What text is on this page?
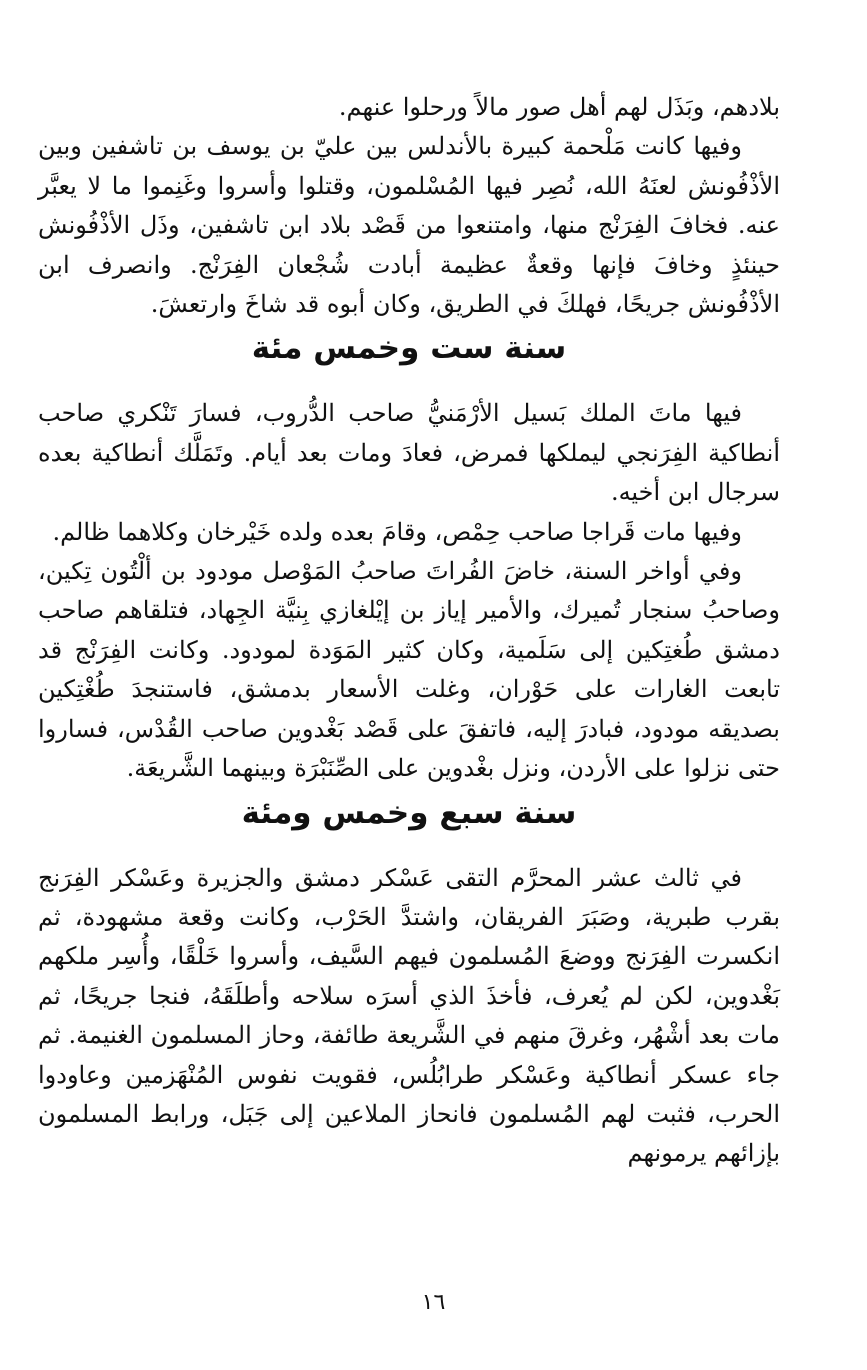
بلادهم، وبَذَل لهم أهل صور مالاً ورحلوا عنهم.

وفيها كانت مَلْحمة كبيرة بالأندلس بين عليّ بن يوسف بن تاشفين وبين الأذْفُونش لعنَهُ الله، نُصِر فيها المُسْلمون، وقتلوا وأسروا وغَنِموا ما لا يعبَّر عنه. فخافَ الفِرَنْج منها، وامتنعوا من قَصْد بلاد ابن تاشفين، وذَل الأذْفُونش حينئذٍ وخافَ فإنها وقعةٌ عظيمة أبادت شُجْعان الفِرَنْج. وانصرف ابن الأذْفُونش جريحًا، فهلكَ في الطريق، وكان أبوه قد شاخَ وارتعشَ.

سنة ست وخمس مئة

فيها ماتَ الملك بَسيل الأرْمَنيُّ صاحب الدُّروب، فسارَ تَنْكري صاحب أنطاكية الفِرَنجي ليملكها فمرض، فعادَ ومات بعد أيام. وتَمَلَّك أنطاكية بعده سرجال ابن أخيه.

وفيها مات قَراجا صاحب حِمْص، وقامَ بعده ولده خَيْرخان وكلاهما ظالم.

وفي أواخر السنة، خاضَ الفُراتَ صاحبُ المَوْصل مودود بن ألْتُون تِكين، وصاحبُ سنجار تُميرك، والأمير إياز بن إيْلغازي بِنيَّة الجِهاد، فتلقاهم صاحب دمشق طُغتِكين إلى سَلَمية، وكان كثير المَوَدة لمودود. وكانت الفِرَنْج قد تابعت الغارات على حَوْران، وغلت الأسعار بدمشق، فاستنجدَ طُغْتِكين بصديقه مودود، فبادرَ إليه، فاتفقَ على قَصْد بَغْدوين صاحب القُدْس، فساروا حتى نزلوا على الأردن، ونزل بغْدوين على الصِّنَبْرَة وبينهما الشَّريعَة.

سنة سبع وخمس ومئة

في ثالث عشر المحرَّم التقى عَسْكر دمشق والجزيرة وعَسْكر الفِرَنج بقرب طبرية، وصَبَرَ الفريقان، واشتدَّ الحَرْب، وكانت وقعة مشهودة، ثم انكسرت الفِرَنج ووضعَ المُسلمون فيهم السَّيف، وأسروا خَلْقًا، وأُسِر ملكهم بَغْدوين، لكن لم يُعرف، فأخذَ الذي أسرَه سلاحه وأطلَقَهُ، فنجا جريحًا، ثم مات بعد أشْهُر، وغرقَ منهم في الشَّريعة طائفة، وحاز المسلمون الغنيمة. ثم جاء عسكر أنطاكية وعَسْكر طرابُلُس، فقويت نفوس المُنْهَزمين وعاودوا الحرب، فثبت لهم المُسلمون فانحاز الملاعين إلى جَبَل، ورابط المسلمون بإزائهم يرمونهم

١٦
